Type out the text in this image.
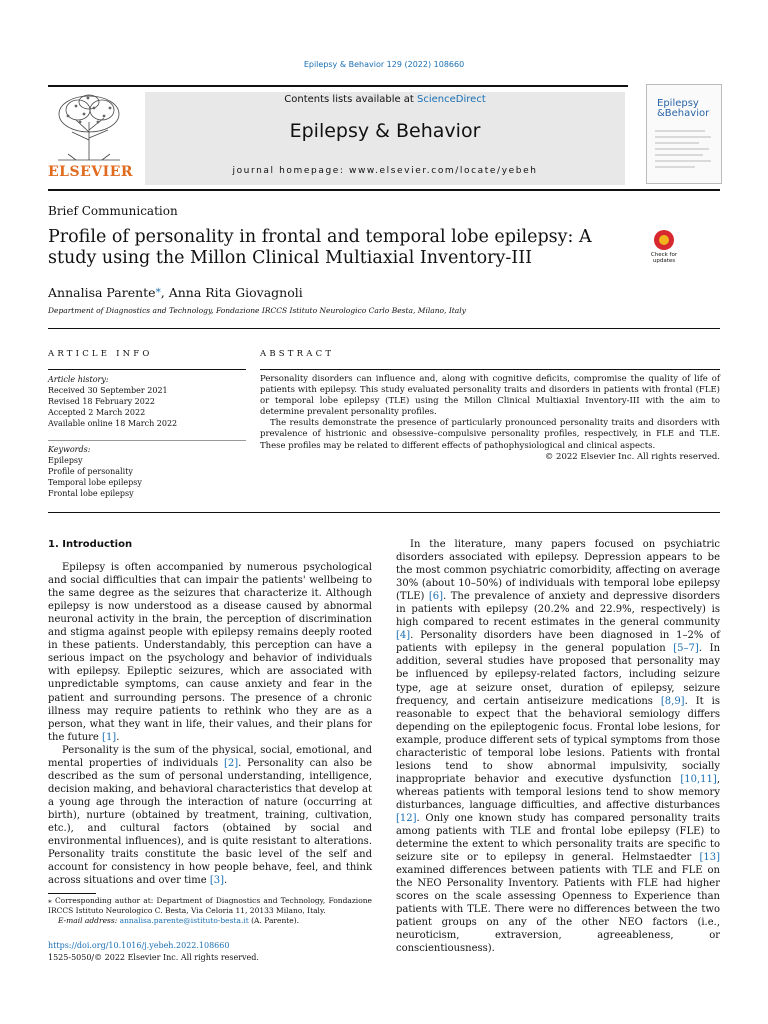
Epilepsy & Behavior 129 (2022) 108660
ELSEVIER
Contents lists available at ScienceDirect
Epilepsy & Behavior
journal homepage: www.elsevier.com/locate/yebeh
Epilepsy
&Behavior
Brief Communication
Profile of personality in frontal and temporal lobe epilepsy: A study using the Millon Clinical Multiaxial Inventory-III	Check for updates
Annalisa Parente⁎, Anna Rita Giovagnoli
Department of Diagnostics and Technology, Fondazione IRCCS Istituto Neurologico Carlo Besta, Milano, Italy
ARTICLE INFO	ABSTRACT
Article history:
Received 30 September 2021
Revised 18 February 2022
Accepted 2 March 2022
Available online 18 March 2022
Keywords:
Epilepsy
Profile of personality
Temporal lobe epilepsy
Frontal lobe epilepsy

Personality disorders can influence and, along with cognitive deficits, compromise the quality of life of patients with epilepsy. This study evaluated personality traits and disorders in patients with frontal (FLE) or temporal lobe epilepsy (TLE) using the Millon Clinical Multiaxial Inventory-III with the aim to determine prevalent personality profiles.

The results demonstrate the presence of particularly pronounced personality traits and disorders with prevalence of histrionic and obsessive–compulsive personality profiles, respectively, in FLE and TLE. These profiles may be related to different effects of pathophysiological and clinical aspects.

© 2022 Elsevier Inc. All rights reserved.

1. Introduction

Epilepsy is often accompanied by numerous psychological and social difficulties that can impair the patients' wellbeing to the same degree as the seizures that characterize it. Although epilepsy is now understood as a disease caused by abnormal neuronal activity in the brain, the perception of discrimination and stigma against people with epilepsy remains deeply rooted in these patients. Understandably, this perception can have a serious impact on the psychology and behavior of individuals with epilepsy. Epileptic seizures, which are associated with unpredictable symptoms, can cause anxiety and fear in the patient and surrounding persons. The presence of a chronic illness may require patients to rethink who they are as a person, what they want in life, their values, and their plans for the future [1].

Personality is the sum of the physical, social, emotional, and mental properties of individuals [2]. Personality can also be described as the sum of personal understanding, intelligence, decision making, and behavioral characteristics that develop at a young age through the interaction of nature (occurring at birth), nurture (obtained by treatment, training, cultivation, etc.), and cultural factors (obtained by social and environmental influences), and is quite resistant to alterations. Personality traits constitute the basic level of the self and account for consistency in how people behave, feel, and think across situations and over time [3].

In the literature, many papers focused on psychiatric disorders associated with epilepsy. Depression appears to be the most common psychiatric comorbidity, affecting on average 30% (about 10–50%) of individuals with temporal lobe epilepsy (TLE) [6]. The prevalence of anxiety and depressive disorders in patients with epilepsy (20.2% and 22.9%, respectively) is high compared to recent estimates in the general community [4]. Personality disorders have been diagnosed in 1–2% of patients with epilepsy in the general population [5–7]. In addition, several studies have proposed that personality may be influenced by epilepsy-related factors, including seizure type, age at seizure onset, duration of epilepsy, seizure frequency, and certain antiseizure medications [8,9]. It is reasonable to expect that the behavioral semiology differs depending on the epileptogenic focus. Frontal lobe lesions, for example, produce different sets of typical symptoms from those characteristic of temporal lobe lesions. Patients with frontal lesions tend to show abnormal impulsivity, socially inappropriate behavior and executive dysfunction [10,11], whereas patients with temporal lesions tend to show memory disturbances, language difficulties, and affective disturbances [12]. Only one known study has compared personality traits among patients with TLE and frontal lobe epilepsy (FLE) to determine the extent to which personality traits are specific to seizure site or to epilepsy in general. Helmstaedter [13] examined differences between patients with TLE and FLE on the NEO Personality Inventory. Patients with FLE had higher scores on the scale assessing Openness to Experience than patients with TLE. There were no differences between the two patient groups on any of the other NEO factors (i.e., neuroticism, extraversion, agreeableness, or conscientiousness).

⁎ Corresponding author at: Department of Diagnostics and Technology, Fondazione IRCCS Istituto Neurologico C. Besta, Via Celoria 11, 20133 Milano, Italy.
E-mail address: annalisa.parente@istituto-besta.it (A. Parente).
https://doi.org/10.1016/j.yebeh.2022.108660
1525-5050/© 2022 Elsevier Inc. All rights reserved.
